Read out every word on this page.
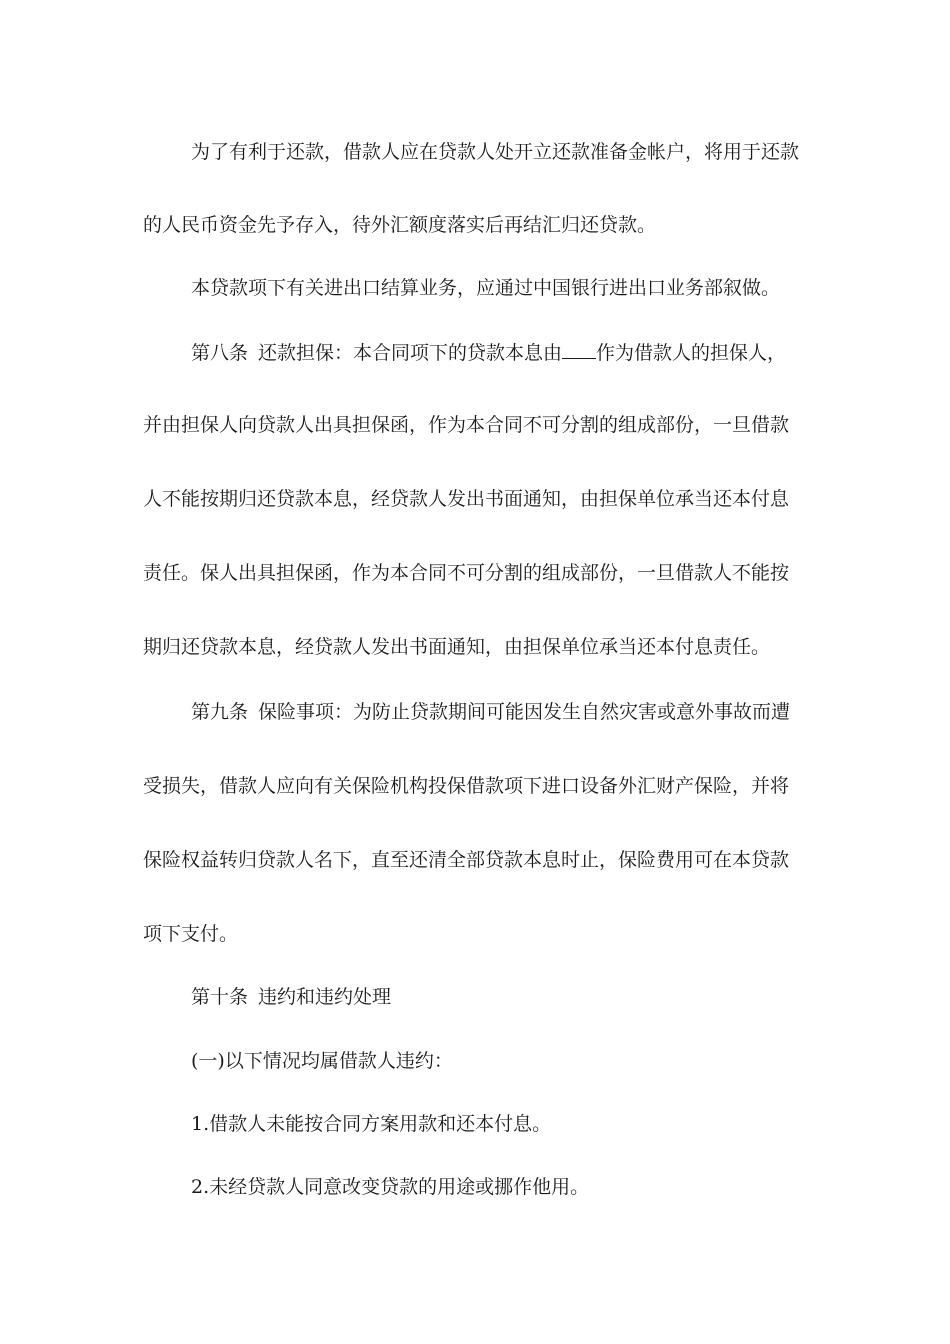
为了有利于还款，借款人应在贷款人处开立还款准备金帐户，将用于还款
的人民币资金先予存入，待外汇额度落实后再结汇归还贷款。
本贷款项下有关进出口结算业务，应通过中国银行进出口业务部叙做。
第八条 还款担保：本合同项下的贷款本息由 作为借款人的担保人，
并由担保人向贷款人出具担保函，作为本合同不可分割的组成部份，一旦借款
人不能按期归还贷款本息，经贷款人发出书面通知，由担保单位承当还本付息
责任。保人出具担保函，作为本合同不可分割的组成部份，一旦借款人不能按
期归还贷款本息，经贷款人发出书面通知，由担保单位承当还本付息责任。
第九条 保险事项：为防止贷款期间可能因发生自然灾害或意外事故而遭
受损失，借款人应向有关保险机构投保借款项下进口设备外汇财产保险，并将
保险权益转归贷款人名下，直至还清全部贷款本息时止，保险费用可在本贷款
项下支付。
第十条 违约和违约处理
(一)以下情况均属借款人违约：
1.借款人未能按合同方案用款和还本付息。
2.未经贷款人同意改变贷款的用途或挪作他用。
